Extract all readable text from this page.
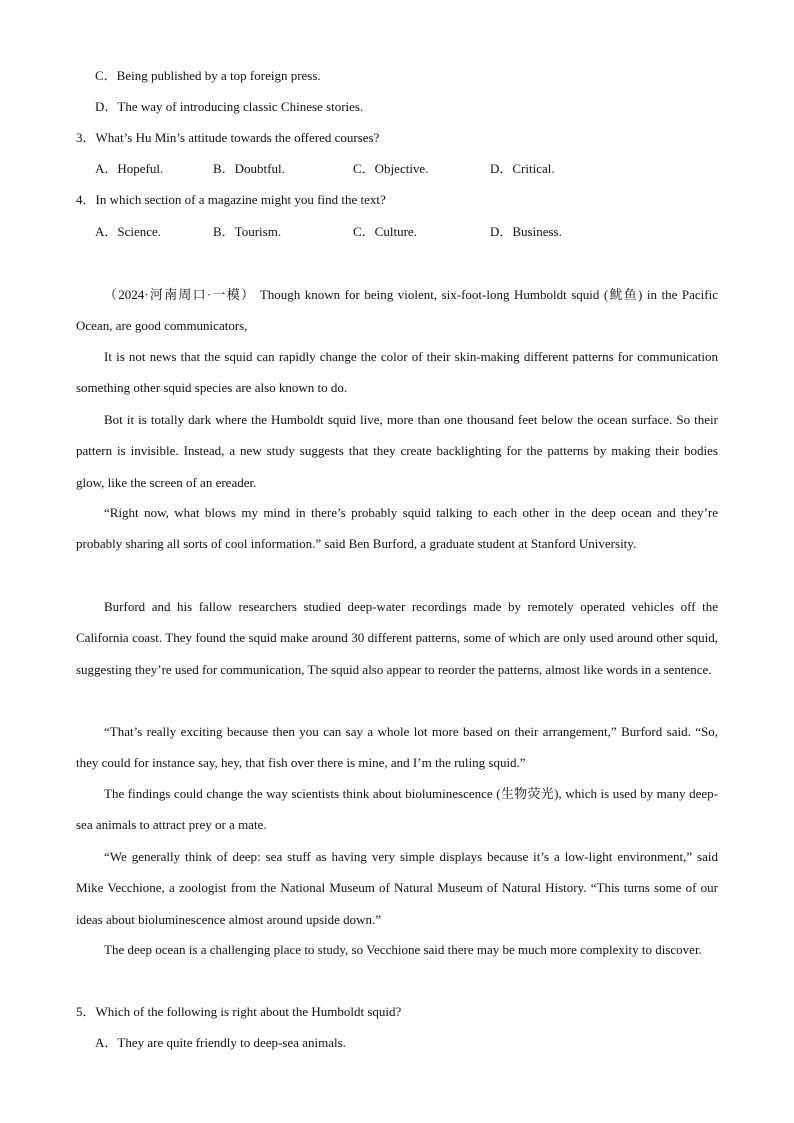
C．Being published by a top foreign press.
D．The way of introducing classic Chinese stories.
3．What’s Hu Min’s attitude towards the offered courses?
A．Hopeful.	B．Doubtful.	C．Objective.	D．Critical.
4．In which section of a magazine might you find the text?
A．Science.	B．Tourism.	C．Culture.	D．Business.
（2024·河南周口·一模） Though known for being violent, six-foot-long Humboldt squid (鱿鱼) in the Pacific Ocean, are good communicators,
It is not news that the squid can rapidly change the color of their skin-making different patterns for communication something other squid species are also known to do.
Bot it is totally dark where the Humboldt squid live, more than one thousand feet below the ocean surface. So their pattern is invisible. Instead, a new study suggests that they create backlighting for the patterns by making their bodies glow, like the screen of an ereader.
“Right now, what blows my mind in there’s probably squid talking to each other in the deep ocean and they’re probably sharing all sorts of cool information.” said Ben Burford, a graduate student at Stanford University.
Burford and his fallow researchers studied deep-water recordings made by remotely operated vehicles off the California coast. They found the squid make around 30 different patterns, some of which are only used around other squid, suggesting they’re used for communication, The squid also appear to reorder the patterns, almost like words in a sentence.
“That’s really exciting because then you can say a whole lot more based on their arrangement,” Burford said. “So, they could for instance say, hey, that fish over there is mine, and I’m the ruling squid.”
The findings could change the way scientists think about bioluminescence (生物荧光), which is used by many deep-sea animals to attract prey or a mate.
“We generally think of deep: sea stuff as having very simple displays because it’s a low-light environment,” said Mike Vecchione, a zoologist from the National Museum of Natural Museum of Natural History. “This turns some of our ideas about bioluminescence almost around upside down.”
The deep ocean is a challenging place to study, so Vecchione said there may be much more complexity to discover.
5．Which of the following is right about the Humboldt squid?
A．They are quite friendly to deep-sea animals.
